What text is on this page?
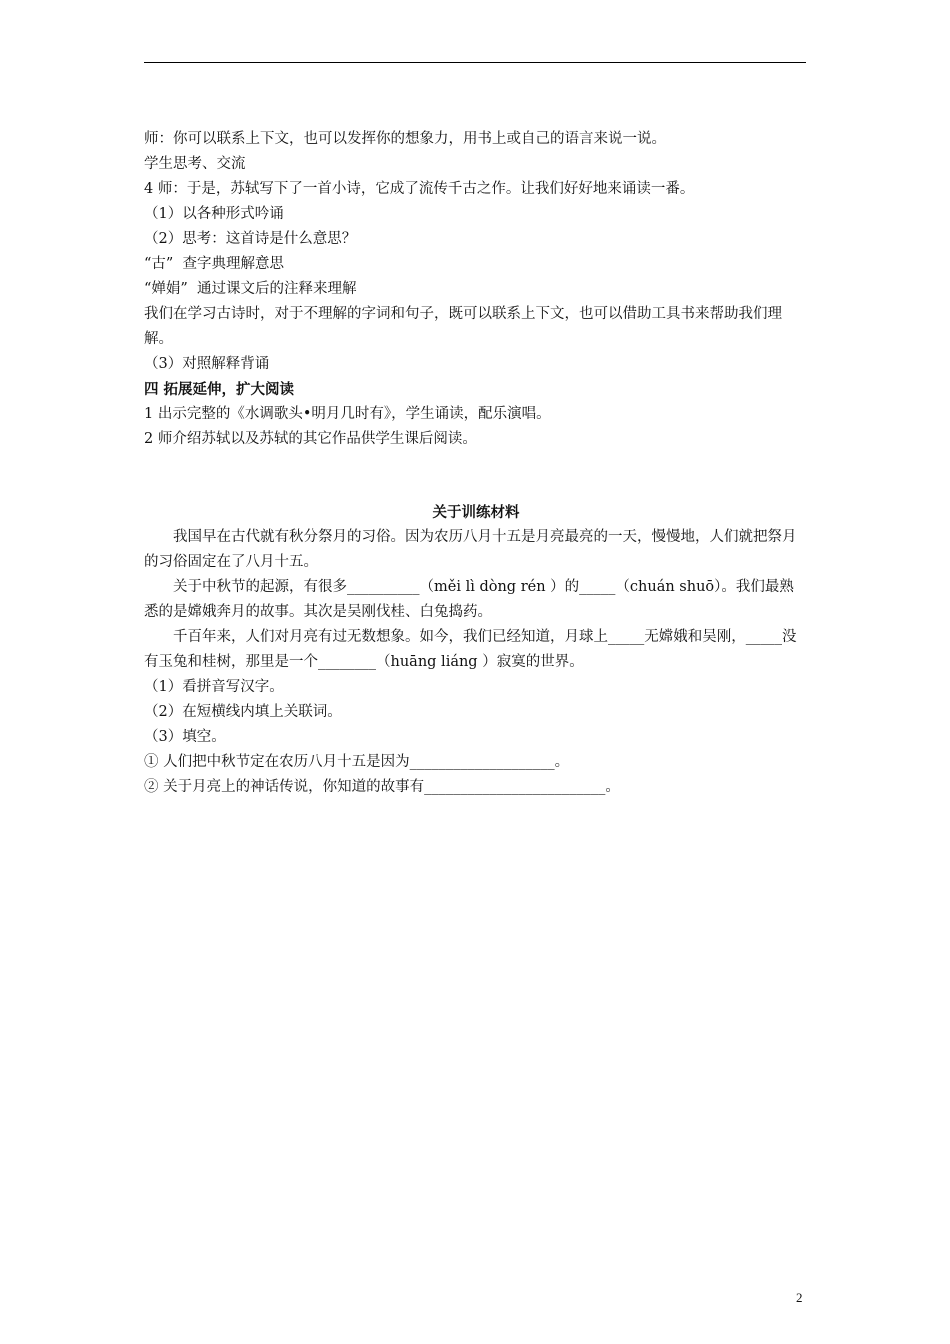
师：你可以联系上下文，也可以发挥你的想象力，用书上或自己的语言来说一说。
学生思考、交流
4 师：于是，苏轼写下了一首小诗，它成了流传千古之作。让我们好好地来诵读一番。
（1）以各种形式吟诵
（2）思考：这首诗是什么意思？
“古”  查字典理解意思
“婵娟”  通过课文后的注释来理解
我们在学习古诗时，对于不理解的字词和句子，既可以联系上下文，也可以借助工具书来帮助我们理解。
（3）对照解释背诵
四 拓展延伸，扩大阅读
1 出示完整的《水调歌头•明月几时有》，学生诵读，配乐演唱。
2 师介绍苏轼以及苏轼的其它作品供学生课后阅读。
关于训练材料
我国早在古代就有秋分祭月的习俗。因为农历八月十五是月亮最亮的一天，慢慢地，人们就把祭月的习俗固定在了八月十五。
关于中秋节的起源，有很多__________（měi lì dòng rén ）的_____（chuán shuō）。我们最熟悉的是嫦娥奔月的故事。其次是吴刚伐桂、白兔捣药。
千百年来，人们对月亮有过无数想象。如今，我们已经知道，月球上_____无嫦娥和吴刚，_____没有玉兔和桂树，那里是一个________（huāng liáng ）寂寞的世界。
（1）看拼音写汉字。
（2）在短横线内填上关联词。
（3）填空。
① 人们把中秋节定在农历八月十五是因为____________________。
② 关于月亮上的神话传说，你知道的故事有_________________________。
2
